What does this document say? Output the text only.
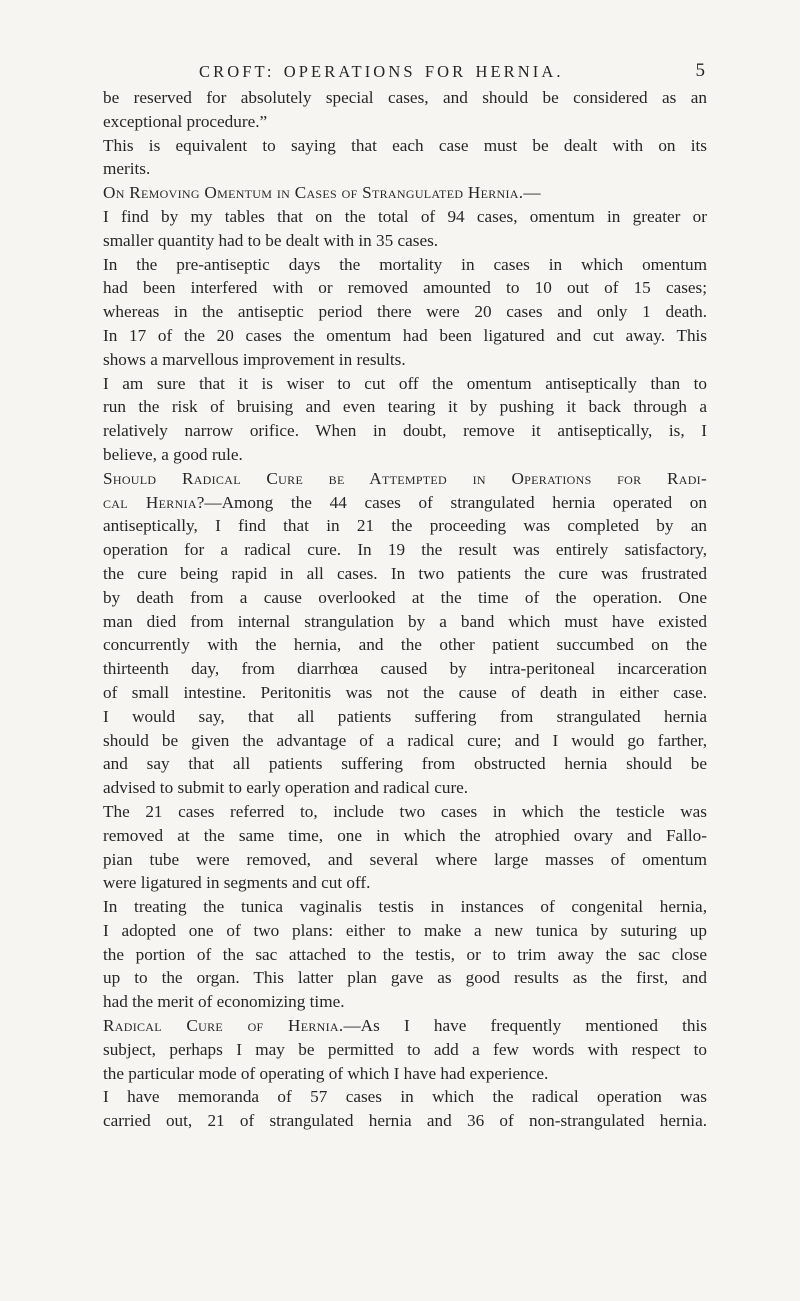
CROFT: OPERATIONS FOR HERNIA.	5
be reserved for absolutely special cases, and should be considered as an
exceptional procedure.”
This is equivalent to saying that each case must be dealt with on its
merits.
On Removing Omentum in Cases of Strangulated Hernia.—
I find by my tables that on the total of 94 cases, omentum in greater or
smaller quantity had to be dealt with in 35 cases.
In the pre-antiseptic days the mortality in cases in which omentum
had been interfered with or removed amounted to 10 out of 15 cases;
whereas in the antiseptic period there were 20 cases and only 1 death.
In 17 of the 20 cases the omentum had been ligatured and cut away. This
shows a marvellous improvement in results.
I am sure that it is wiser to cut off the omentum antiseptically than to
run the risk of bruising and even tearing it by pushing it back through a
relatively narrow orifice. When in doubt, remove it antiseptically, is, I
believe, a good rule.
Should Radical Cure be Attempted in Operations for Radi-
cal Hernia?—Among the 44 cases of strangulated hernia operated on
antiseptically, I find that in 21 the proceeding was completed by an
operation for a radical cure. In 19 the result was entirely satisfactory,
the cure being rapid in all cases. In two patients the cure was frustrated
by death from a cause overlooked at the time of the operation. One
man died from internal strangulation by a band which must have existed
concurrently with the hernia, and the other patient succumbed on the
thirteenth day, from diarrhœa caused by intra-peritoneal incarceration
of small intestine. Peritonitis was not the cause of death in either case.
I would say, that all patients suffering from strangulated hernia
should be given the advantage of a radical cure; and I would go farther,
and say that all patients suffering from obstructed hernia should be
advised to submit to early operation and radical cure.
The 21 cases referred to, include two cases in which the testicle was
removed at the same time, one in which the atrophied ovary and Fallo-
pian tube were removed, and several where large masses of omentum
were ligatured in segments and cut off.
In treating the tunica vaginalis testis in instances of congenital hernia,
I adopted one of two plans: either to make a new tunica by suturing up
the portion of the sac attached to the testis, or to trim away the sac close
up to the organ. This latter plan gave as good results as the first, and
had the merit of economizing time.
Radical Cure of Hernia.—As I have frequently mentioned this
subject, perhaps I may be permitted to add a few words with respect to
the particular mode of operating of which I have had experience.
I have memoranda of 57 cases in which the radical operation was
carried out, 21 of strangulated hernia and 36 of non-strangulated hernia.
